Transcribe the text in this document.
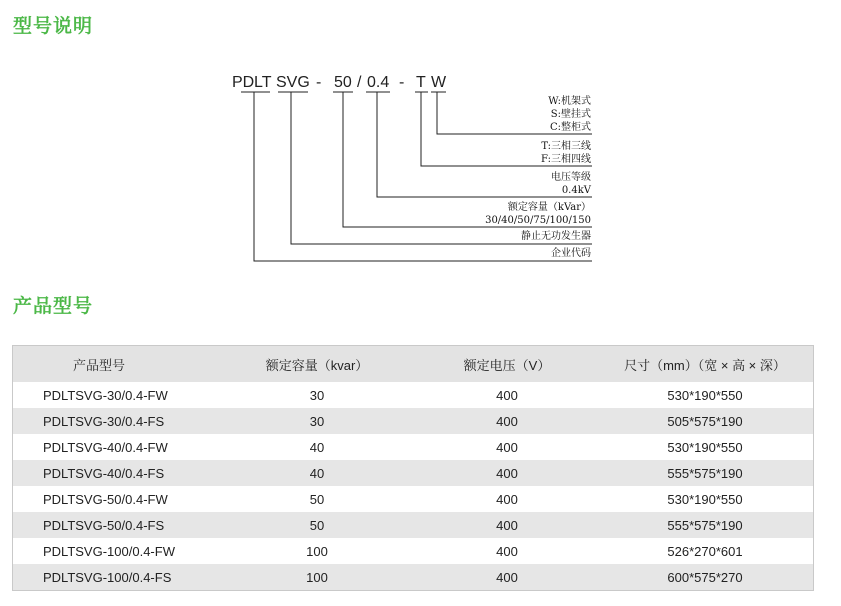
型号说明
PD LT SVG - 50 / 0.4 - T W
W:机架式
S:壁挂式
C:整柜式
T:三相三线
F:三相四线
电压等级
0.4kV
额定容量（kVar）
30/40/50/75/100/150
静止无功发生器
企业代码
产品型号
产品型号	额定容量（kvar）	额定电压（V）	尺寸（mm）（宽 × 高 × 深）
PDLTSVG-30/0.4-FW	30	400	530*190*550
PDLTSVG-30/0.4-FS	30	400	505*575*190
PDLTSVG-40/0.4-FW	40	400	530*190*550
PDLTSVG-40/0.4-FS	40	400	555*575*190
PDLTSVG-50/0.4-FW	50	400	530*190*550
PDLTSVG-50/0.4-FS	50	400	555*575*190
PDLTSVG-100/0.4-FW	100	400	526*270*601
PDLTSVG-100/0.4-FS	100	400	600*575*270
